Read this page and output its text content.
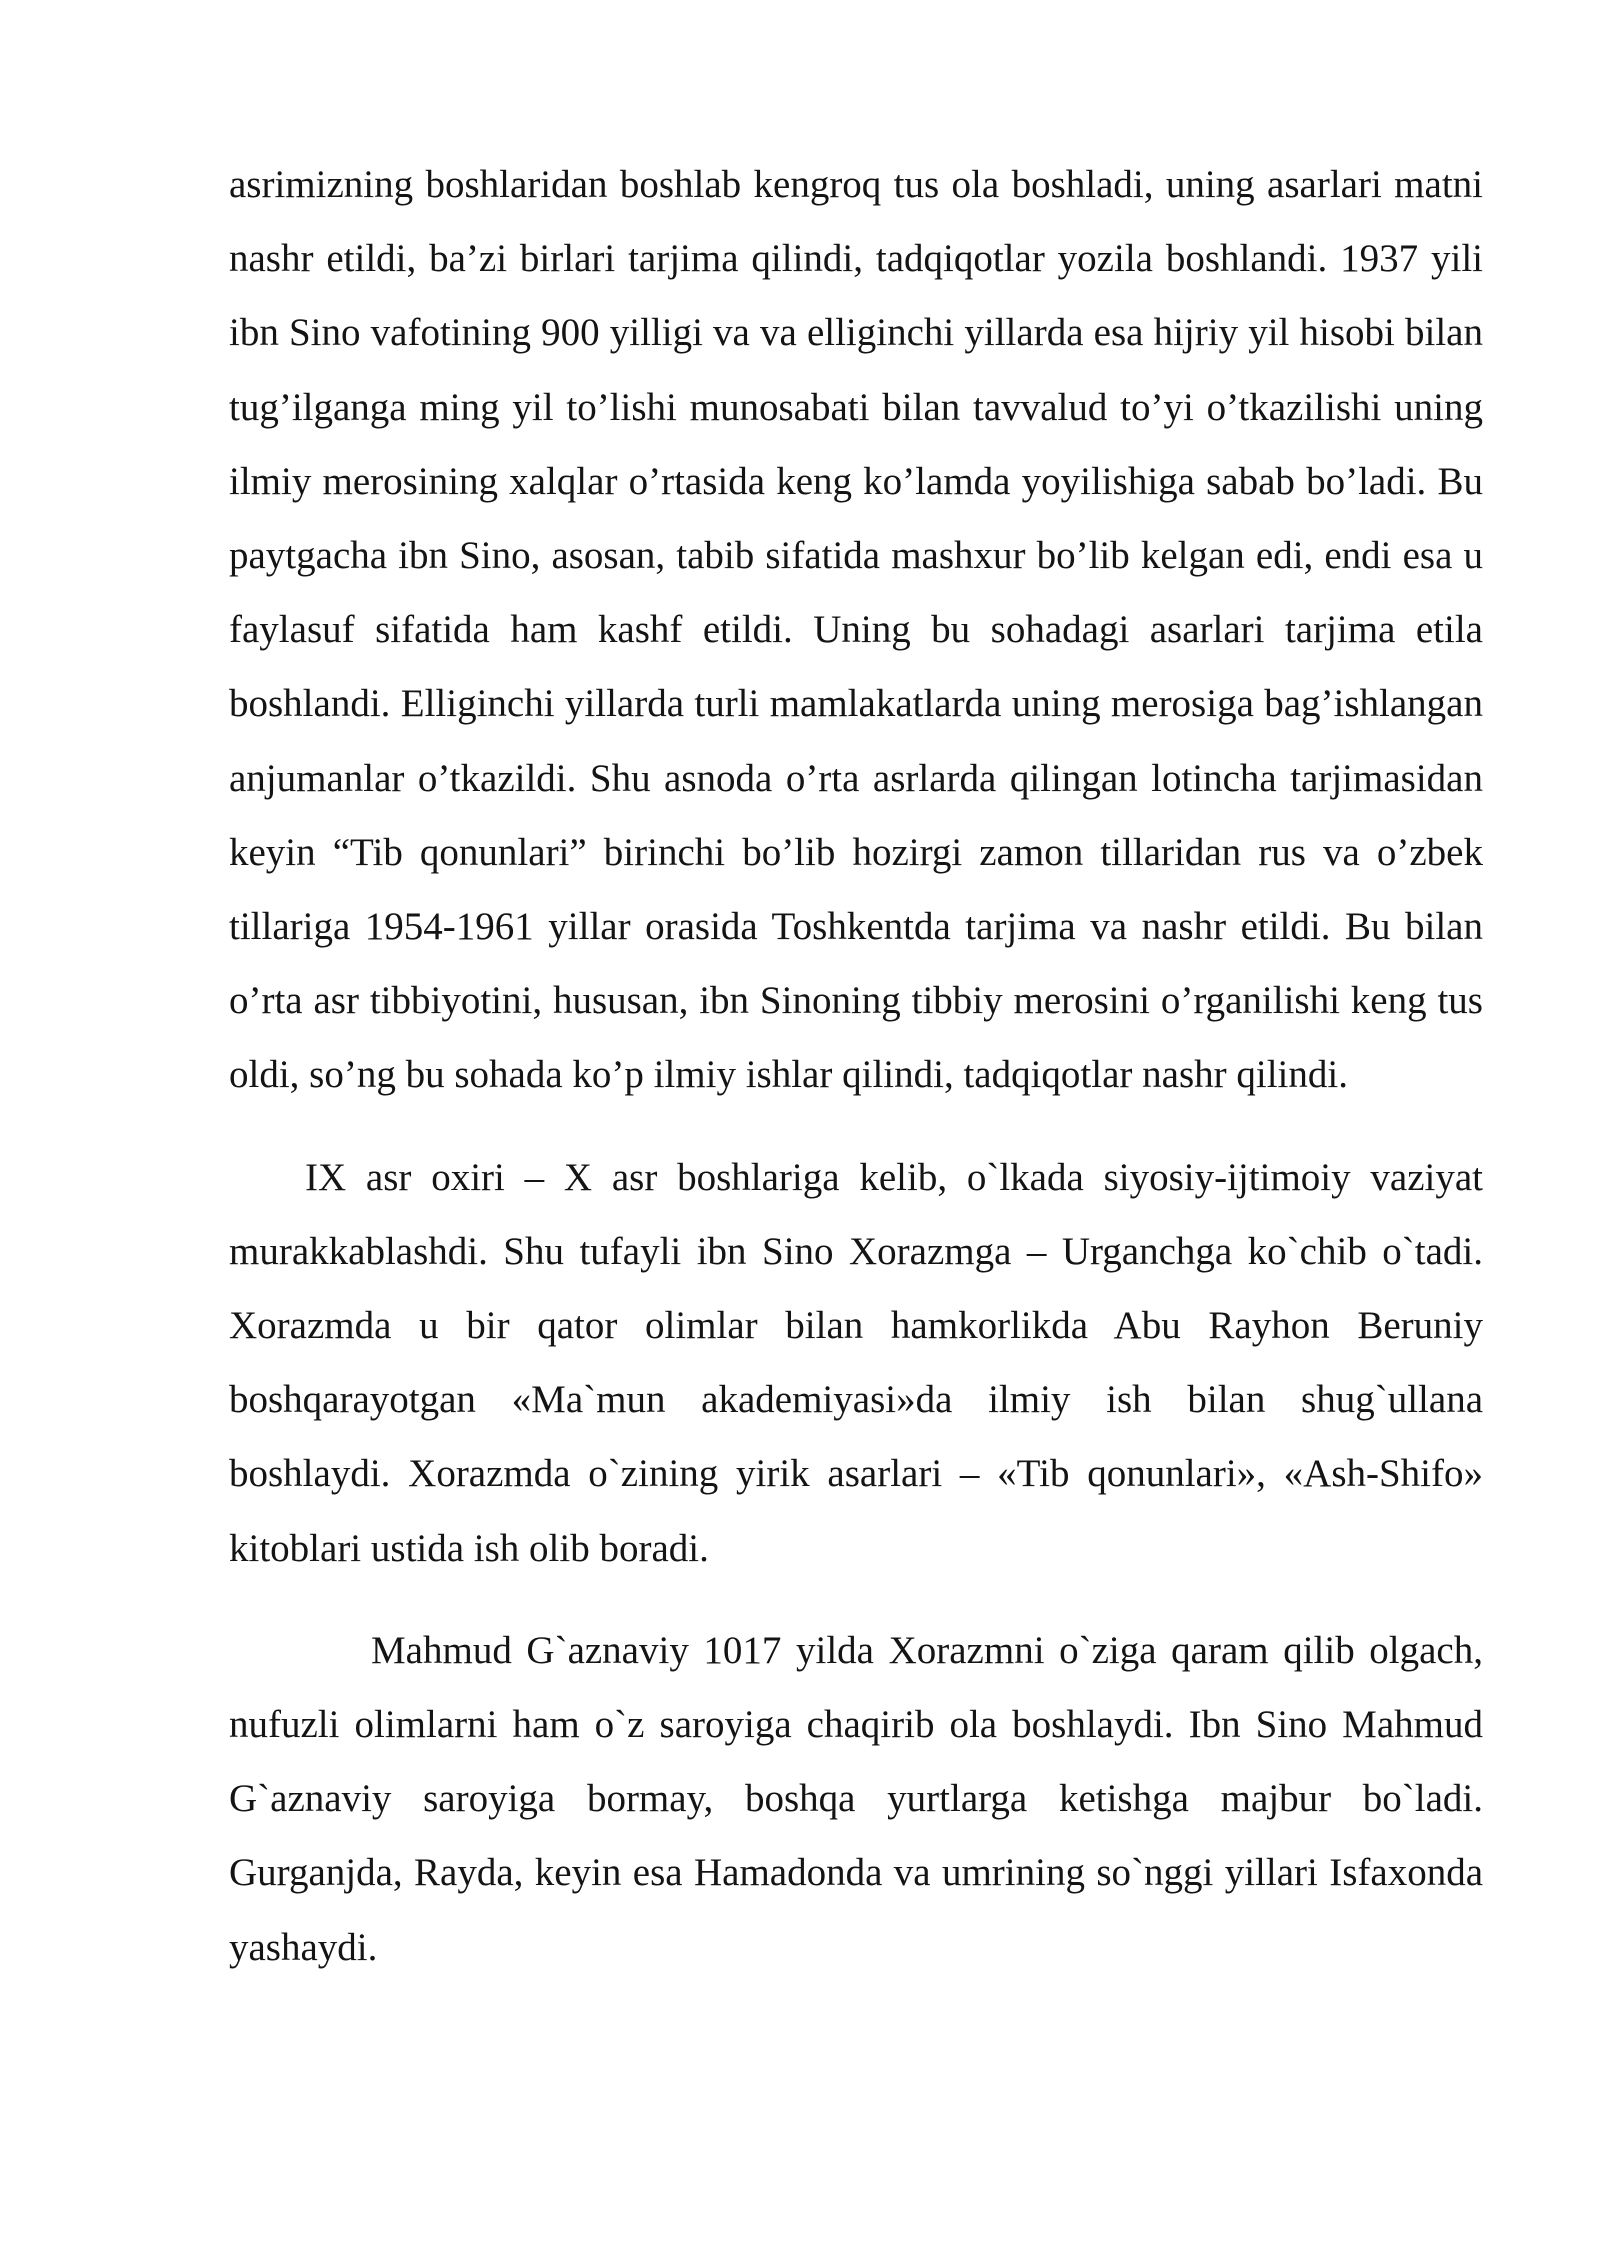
asrimizning boshlaridan boshlab kengroq tus ola boshladi, uning asarlari matni nashr etildi, ba’zi birlari tarjima qilindi, tadqiqotlar yozila boshlandi. 1937 yili ibn Sino vafotining 900 yilligi va va elliginchi yillarda esa hijriy yil hisobi bilan tug’ilganga ming yil to’lishi munosabati bilan tavvalud to’yi o’tkazilishi uning ilmiy merosining xalqlar o’rtasida keng ko’lamda yoyilishiga sabab bo’ladi. Bu paytgacha ibn Sino, asosan, tabib sifatida mashxur bo’lib kelgan edi, endi esa u faylasuf sifatida ham kashf etildi. Uning bu sohadagi asarlari tarjima etila boshlandi. Elliginchi yillarda turli mamlakatlarda uning merosiga bag’ishlangan anjumanlar o’tkazildi. Shu asnoda o’rta asrlarda qilingan lotincha tarjimasidan keyin “Tib qonunlari” birinchi bo’lib hozirgi zamon tillaridan rus va o’zbek tillariga 1954-1961 yillar orasida Toshkentda tarjima va nashr etildi. Bu bilan o’rta asr tibbiyotini, hususan, ibn Sinoning tibbiy merosini o’rganilishi keng tus oldi, so’ng bu sohada ko’p ilmiy ishlar qilindi, tadqiqotlar nashr qilindi.

IX asr oxiri – X asr boshlariga kelib, o`lkada siyosiy-ijtimoiy vaziyat murakkablashdi. Shu tufayli ibn Sino Xorazmga – Urganchga ko`chib o`tadi. Xorazmda u bir qator olimlar bilan hamkorlikda Abu Rayhon Beruniy boshqarayotgan «Ma`mun akademiyasi»da ilmiy ish bilan shug`ullana boshlaydi. Xorazmda o`zining yirik asarlari – «Tib qonunlari», «Ash-Shifo» kitoblari ustida ish olib boradi.

Mahmud G`aznaviy 1017 yilda Xorazmni o`ziga qaram qilib olgach, nufuzli olimlarni ham o`z saroyiga chaqirib ola boshlaydi. Ibn Sino Mahmud G`aznaviy saroyiga bormay, boshqa yurtlarga ketishga majbur bo`ladi. Gurganjda, Rayda, keyin esa Hamadonda va umrining so`nggi yillari Isfaxonda yashaydi.
